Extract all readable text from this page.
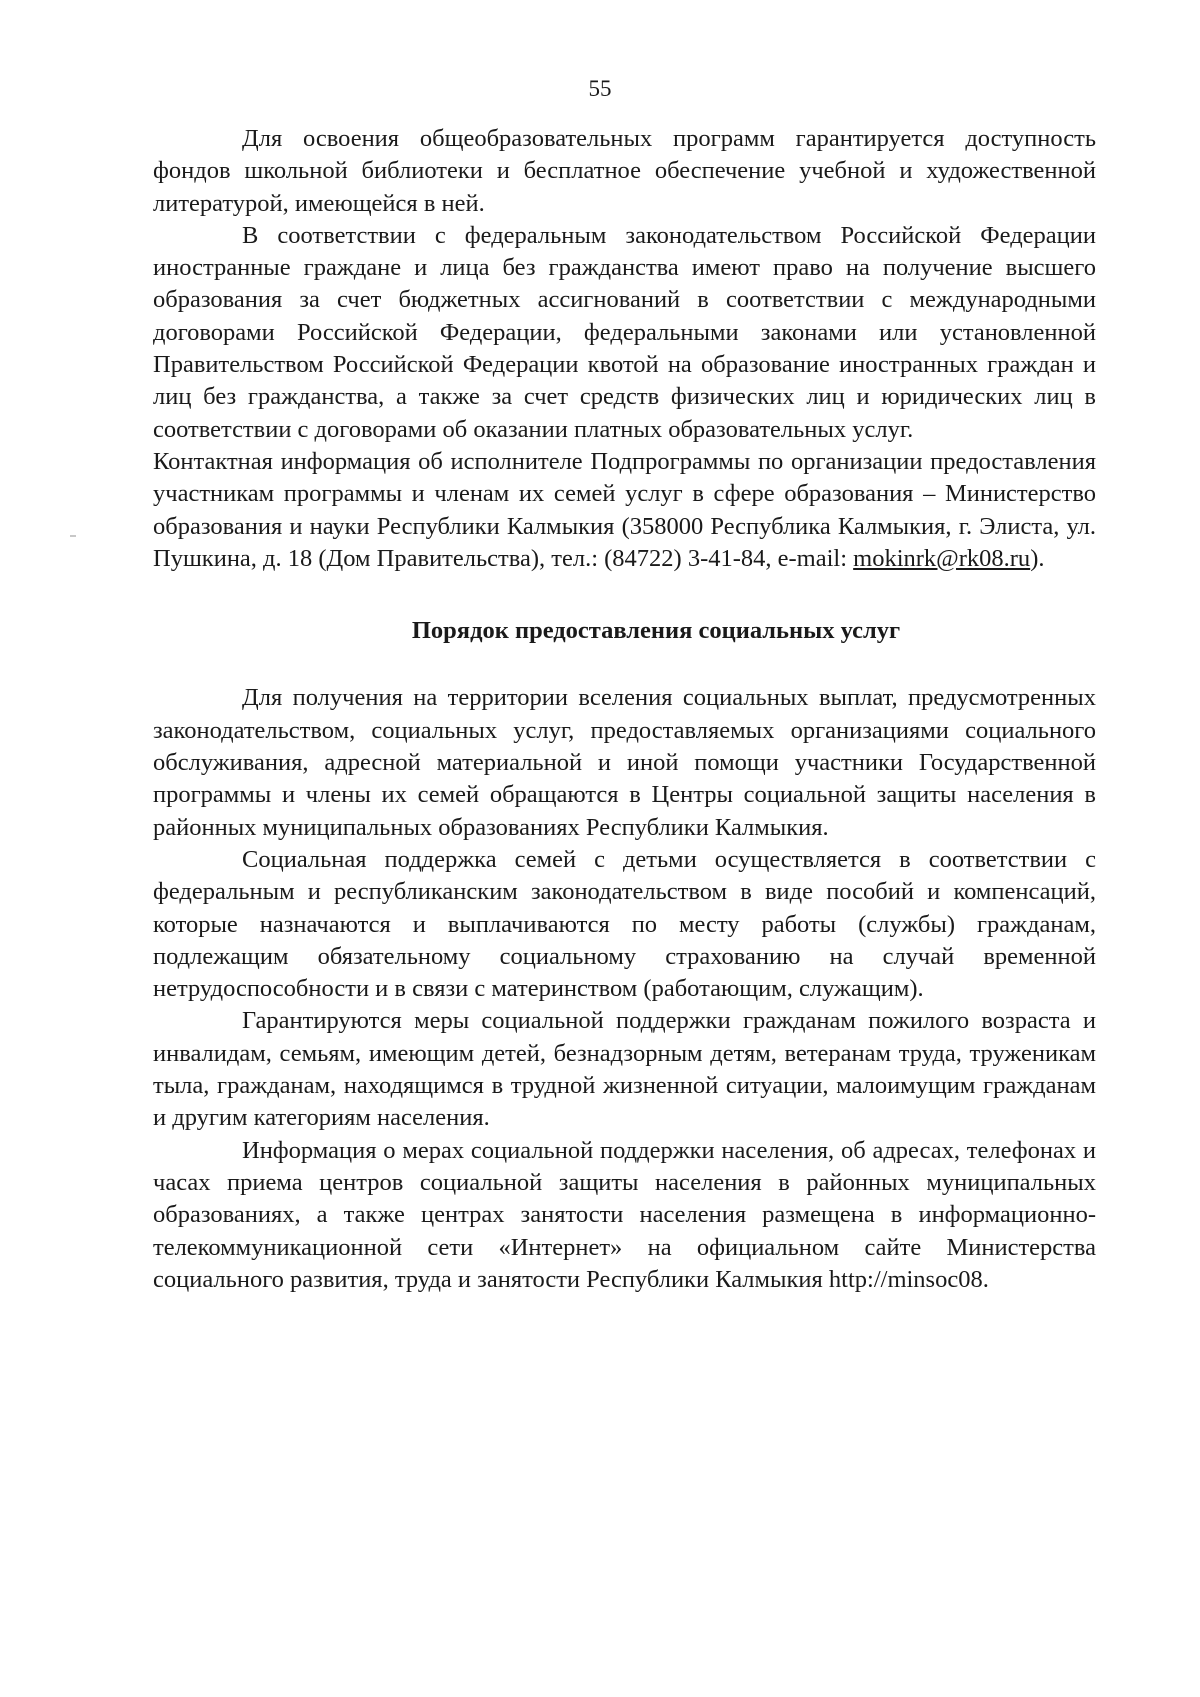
55

Для освоения общеобразовательных программ гарантируется доступность фондов школьной библиотеки и бесплатное обеспечение учебной и художественной литературой, имеющейся в ней.

В соответствии с федеральным законодательством Российской Федерации иностранные граждане и лица без гражданства имеют право на получение высшего образования за счет бюджетных ассигнований в соответствии с международными договорами Российской Федерации, федеральными законами или установленной Правительством Российской Федерации квотой на образование иностранных граждан и лиц без гражданства, а также за счет средств физических лиц и юридических лиц в соответствии с договорами об оказании платных образовательных услуг.

Контактная информация об исполнителе Подпрограммы по организации предоставления участникам программы и членам их семей услуг в сфере образования – Министерство образования и науки Республики Калмыкия (358000 Республика Калмыкия, г. Элиста, ул. Пушкина, д. 18 (Дом Правительства), тел.: (84722) 3-41-84, e-mail: mokinrk@rk08.ru).

Порядок предоставления социальных услуг

Для получения на территории вселения социальных выплат, предусмотренных законодательством, социальных услуг, предоставляемых организациями социального обслуживания, адресной материальной и иной помощи участники Государственной программы и члены их семей обращаются в Центры социальной защиты населения в районных муниципальных образованиях Республики Калмыкия.

Социальная поддержка семей с детьми осуществляется в соответствии с федеральным и республиканским законодательством в виде пособий и компенсаций, которые назначаются и выплачиваются по месту работы (службы) гражданам, подлежащим обязательному социальному страхованию на случай временной нетрудоспособности и в связи с материнством (работающим, служащим).

Гарантируются меры социальной поддержки гражданам пожилого возраста и инвалидам, семьям, имеющим детей, безнадзорным детям, ветеранам труда, труженикам тыла, гражданам, находящимся в трудной жизненной ситуации, малоимущим гражданам и другим категориям населения.

Информация о мерах социальной поддержки населения, об адресах, телефонах и часах приема центров социальной защиты населения в районных муниципальных образованиях, а также центрах занятости населения размещена в информационно-телекоммуникационной сети «Интернет» на официальном сайте Министерства социального развития, труда и занятости Республики Калмыкия http://minsoc08.
